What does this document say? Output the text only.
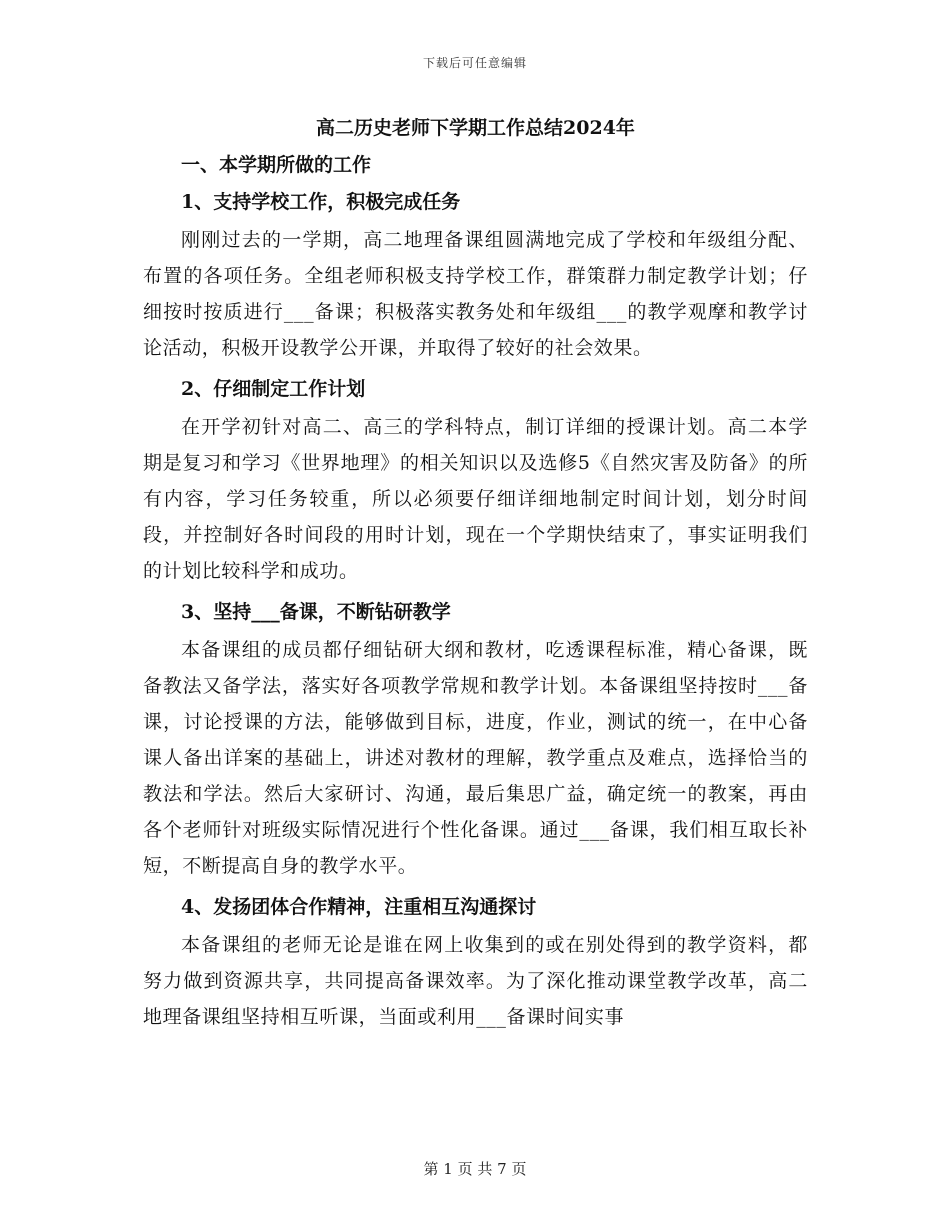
下载后可任意编辑
高二历史老师下学期工作总结2024年
一、本学期所做的工作
1、支持学校工作，积极完成任务
刚刚过去的一学期，高二地理备课组圆满地完成了学校和年级组分配、布置的各项任务。全组老师积极支持学校工作，群策群力制定教学计划；仔细按时按质进行___备课；积极落实教务处和年级组___的教学观摩和教学讨论活动，积极开设教学公开课，并取得了较好的社会效果。
2、仔细制定工作计划
在开学初针对高二、高三的学科特点，制订详细的授课计划。高二本学期是复习和学习《世界地理》的相关知识以及选修5《自然灾害及防备》的所有内容，学习任务较重，所以必须要仔细详细地制定时间计划，划分时间段，并控制好各时间段的用时计划，现在一个学期快结束了，事实证明我们的计划比较科学和成功。
3、坚持___备课，不断钻研教学
本备课组的成员都仔细钻研大纲和教材，吃透课程标准，精心备课，既备教法又备学法，落实好各项教学常规和教学计划。本备课组坚持按时___备课，讨论授课的方法，能够做到目标，进度，作业，测试的统一，在中心备课人备出详案的基础上，讲述对教材的理解，教学重点及难点，选择恰当的教法和学法。然后大家研讨、沟通，最后集思广益，确定统一的教案，再由各个老师针对班级实际情况进行个性化备课。通过___备课，我们相互取长补短，不断提高自身的教学水平。
4、发扬团体合作精神，注重相互沟通探讨
本备课组的老师无论是谁在网上收集到的或在别处得到的教学资料，都努力做到资源共享，共同提高备课效率。为了深化推动课堂教学改革，高二地理备课组坚持相互听课，当面或利用___备课时间实事
第 1 页 共 7 页
